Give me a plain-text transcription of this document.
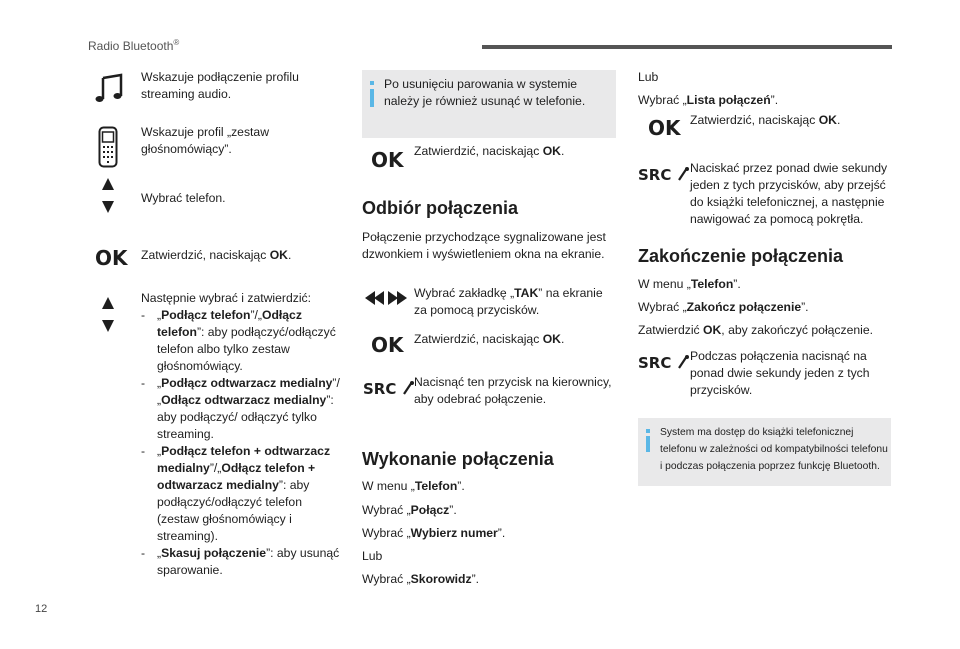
Radio Bluetooth®
Wskazuje podłączenie profilu streaming audio.
Wskazuje profil „zestaw głośnomówiący”.
Wybrać telefon.
OK Zatwierdzić, naciskając OK.
Następnie wybrać i zatwierdzić:
- „Podłącz telefon”/„Odłącz telefon”: aby podłączyć/odłączyć telefon albo tylko zestaw głośnomówiący.
- „Podłącz odtwarzacz medialny”/„Odłącz odtwarzacz medialny”: aby podłączyć/ odłączyć tylko streaming.
- „Podłącz telefon + odtwarzacz medialny”/„Odłącz telefon + odtwarzacz medialny”: aby podłączyć/odłączyć telefon (zestaw głośnomówiący i streaming).
- „Skasuj połączenie”: aby usunąć sparowanie.
Po usunięciu parowania w systemie należy je również usunąć w telefonie.
OK Zatwierdzić, naciskając OK.
Odbiór połączenia
Połączenie przychodzące sygnalizowane jest dzwonkiem i wyświetleniem okna na ekranie.
Wybrać zakładkę „TAK” na ekranie za pomocą przycisków.
OK Zatwierdzić, naciskając OK.
SRC	Nacisnąć ten przycisk na kierownicy, aby odebrać połączenie.
Wykonanie połączenia
W menu „Telefon”.
Wybrać „Połącz”.
Wybrać „Wybierz numer”.
Lub
Wybrać „Skorowidz”.
Lub
Wybrać „Lista połączeń”.
OK Zatwierdzić, naciskając OK.
SRC	Naciskać przez ponad dwie sekundy jeden z tych przycisków, aby przejść do książki telefonicznej, a następnie nawigować za pomocą pokrętła.
Zakończenie połączenia
W menu „Telefon”.
Wybrać „Zakończ połączenie”.
Zatwierdzić OK, aby zakończyć połączenie.
SRC	Podczas połączenia nacisnąć na ponad dwie sekundy jeden z tych przycisków.
System ma dostęp do książki telefonicznej telefonu w zależności od kompatybilności telefonu i podczas połączenia poprzez funkcję Bluetooth.
12
